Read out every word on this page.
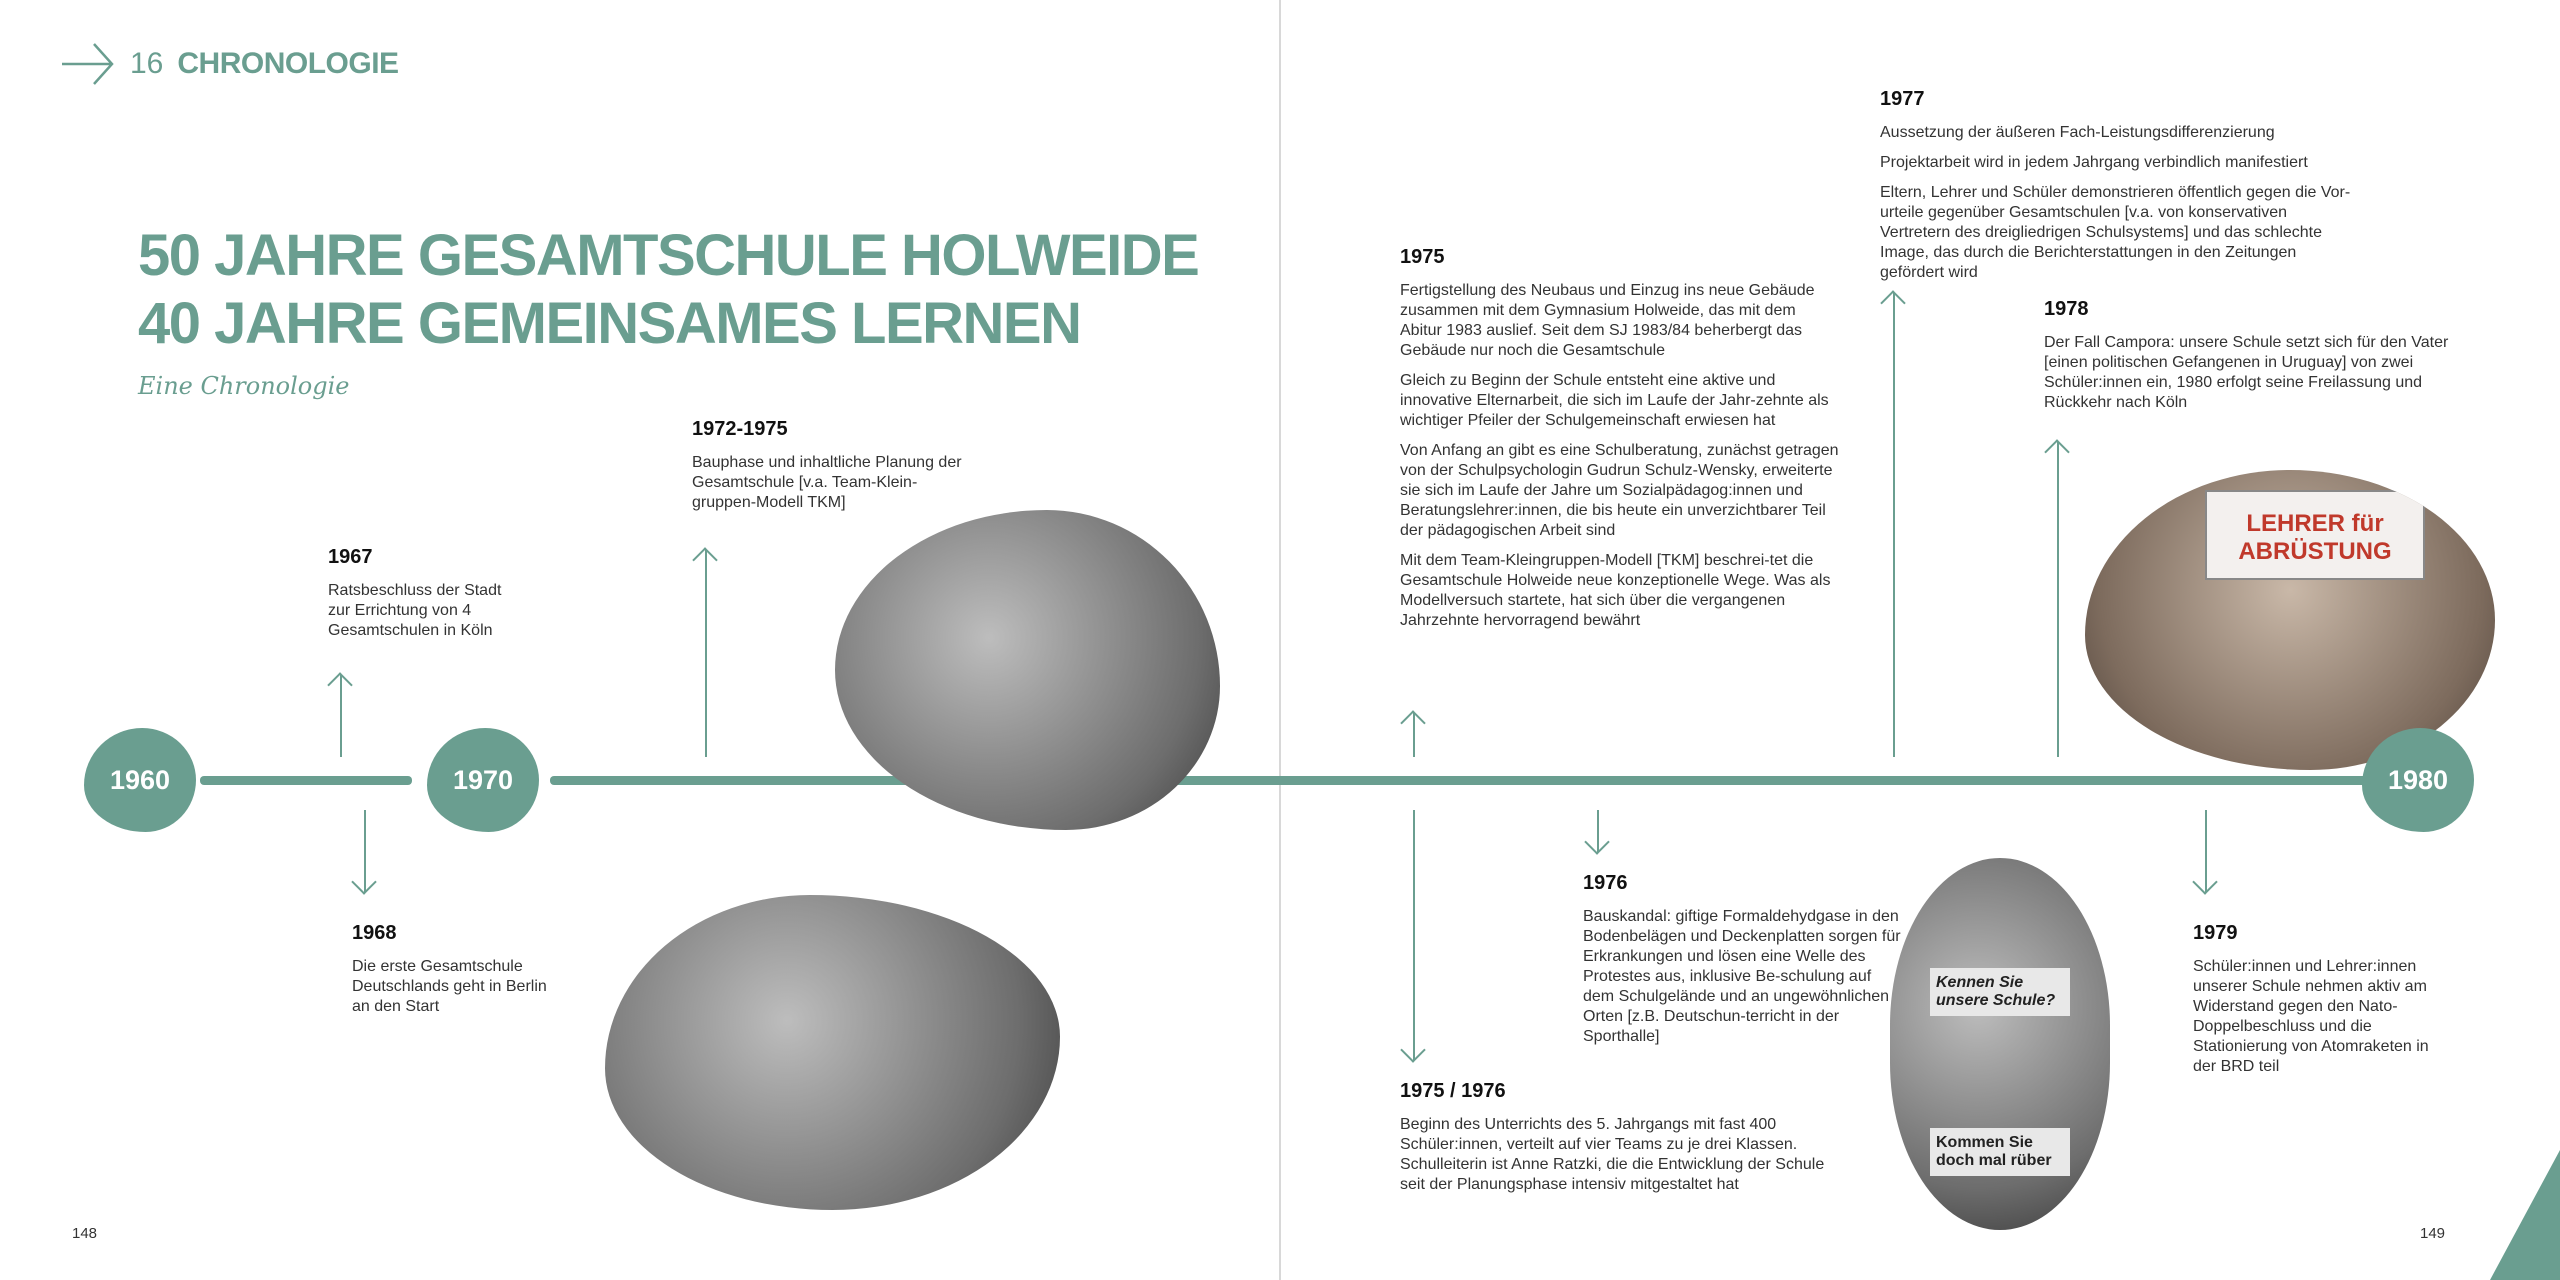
16 CHRONOLOGIE
50 JAHRE GESAMTSCHULE HOLWEIDE
40 JAHRE GEMEINSAMES LERNEN
Eine Chronologie
LEHRER für ABRÜSTUNG
Kennen Sie unsere Schule?
Kommen Sie doch mal rüber
1960	1970	1980
1967

Ratsbeschluss der Stadt zur Errichtung von 4 Gesamtschulen in Köln

1968

Die erste Gesamtschule Deutschlands geht in Berlin an den Start

1972-1975

Bauphase und inhaltliche Planung der Gesamtschule [v.a. Team-Klein-gruppen-Modell TKM]

1975

Fertigstellung des Neubaus und Einzug ins neue Gebäude zusammen mit dem Gymnasium Holweide, das mit dem Abitur 1983 auslief. Seit dem SJ 1983/84 beherbergt das Gebäude nur noch die Gesamtschule

Gleich zu Beginn der Schule entsteht eine aktive und innovative Elternarbeit, die sich im Laufe der Jahr-zehnte als wichtiger Pfeiler der Schulgemeinschaft erwiesen hat

Von Anfang an gibt es eine Schulberatung, zunächst getragen von der Schulpsychologin Gudrun Schulz-Wensky, erweiterte sie sich im Laufe der Jahre um Sozialpädagog:innen und Beratungslehrer:innen, die bis heute ein unverzichtbarer Teil der pädagogischen Arbeit sind

Mit dem Team-Kleingruppen-Modell [TKM] beschrei-tet die Gesamtschule Holweide neue konzeptionelle Wege. Was als Modellversuch startete, hat sich über die vergangenen Jahrzehnte hervorragend bewährt

1975 / 1976

Beginn des Unterrichts des 5. Jahrgangs mit fast 400 Schüler:innen, verteilt auf vier Teams zu je drei Klassen. Schulleiterin ist Anne Ratzki, die die Entwicklung der Schule seit der Planungsphase intensiv mitgestaltet hat

1976

Bauskandal: giftige Formaldehydgase in den Bodenbelägen und Deckenplatten sorgen für Erkrankungen und lösen eine Welle des Protestes aus, inklusive Be-schulung auf dem Schulgelände und an ungewöhnlichen Orten [z.B. Deutschun-terricht in der Sporthalle]

1977

Aussetzung der äußeren Fach-Leistungsdifferenzierung

Projektarbeit wird in jedem Jahrgang verbindlich manifestiert

Eltern, Lehrer und Schüler demonstrieren öffentlich gegen die Vor-urteile gegenüber Gesamtschulen [v.a. von konservativen Vertretern des dreigliedrigen Schulsystems] und das schlechte Image, das durch die Berichterstattungen in den Zeitungen gefördert wird

1978

Der Fall Campora: unsere Schule setzt sich für den Vater [einen politischen Gefangenen in Uruguay] von zwei Schüler:innen ein, 1980 erfolgt seine Freilassung und Rückkehr nach Köln

1979

Schüler:innen und Lehrer:innen unserer Schule nehmen aktiv am Widerstand gegen den Nato-Doppelbeschluss und die Stationierung von Atomraketen in der BRD teil

148	149
